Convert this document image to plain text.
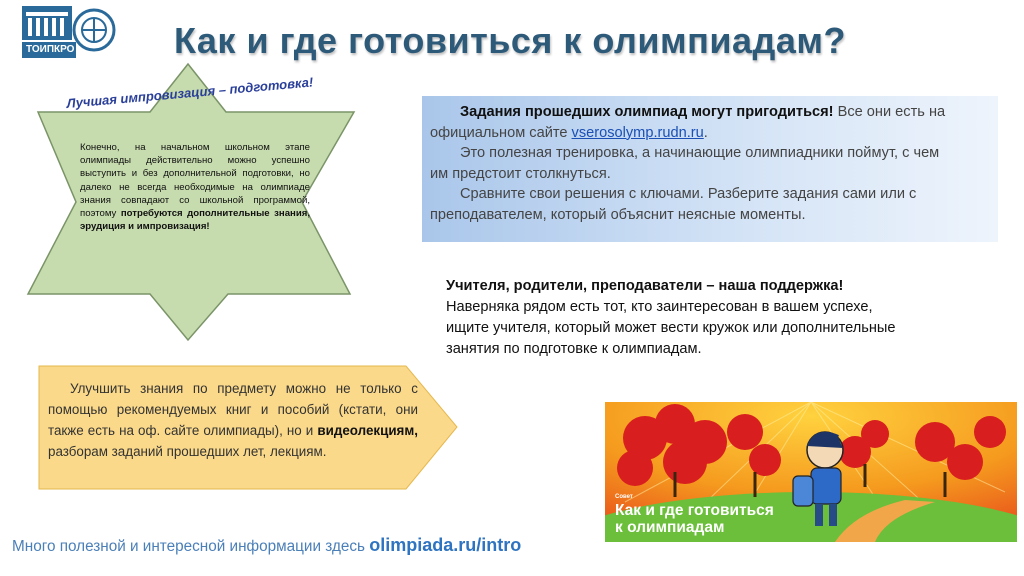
ТОИПКРО	Как и где готовиться к олимпиадам?
Лучшая импровизация – подготовка!
Конечно, на начальном школьном этапе олимпиады действительно можно успешно выступить и без дополнительной подготовки, но далеко не всегда необходимые на олимпиаде знания совпадают со школьной программой, поэтому потребуются дополнительные знания, эрудиция и импровизация!

Задания прошедших олимпиад могут пригодиться! Все они есть на официальном сайте vserosolymp.rudn.ru.

Это полезная тренировка, а начинающие олимпиадники поймут, с чем им предстоит столкнуться.

Сравните свои решения с ключами. Разберите задания сами или с преподавателем, который объяснит неясные моменты.

Учителя, родители, преподаватели – наша поддержка!
Наверняка рядом есть тот, кто заинтересован в вашем успехе, ищите учителя, который может вести кружок или дополнительные занятия по подготовке к олимпиадам.

Улучшить знания по предмету можно не только с помощью рекомендуемых книг и пособий (кстати, они также есть на оф. сайте олимпиады), но и видеолекциям, разборам заданий прошедших лет, лекциям.

Совет
Как и где готовиться
к олимпиадам
Много полезной и интересной информации здесь olimpiada.ru/intro
